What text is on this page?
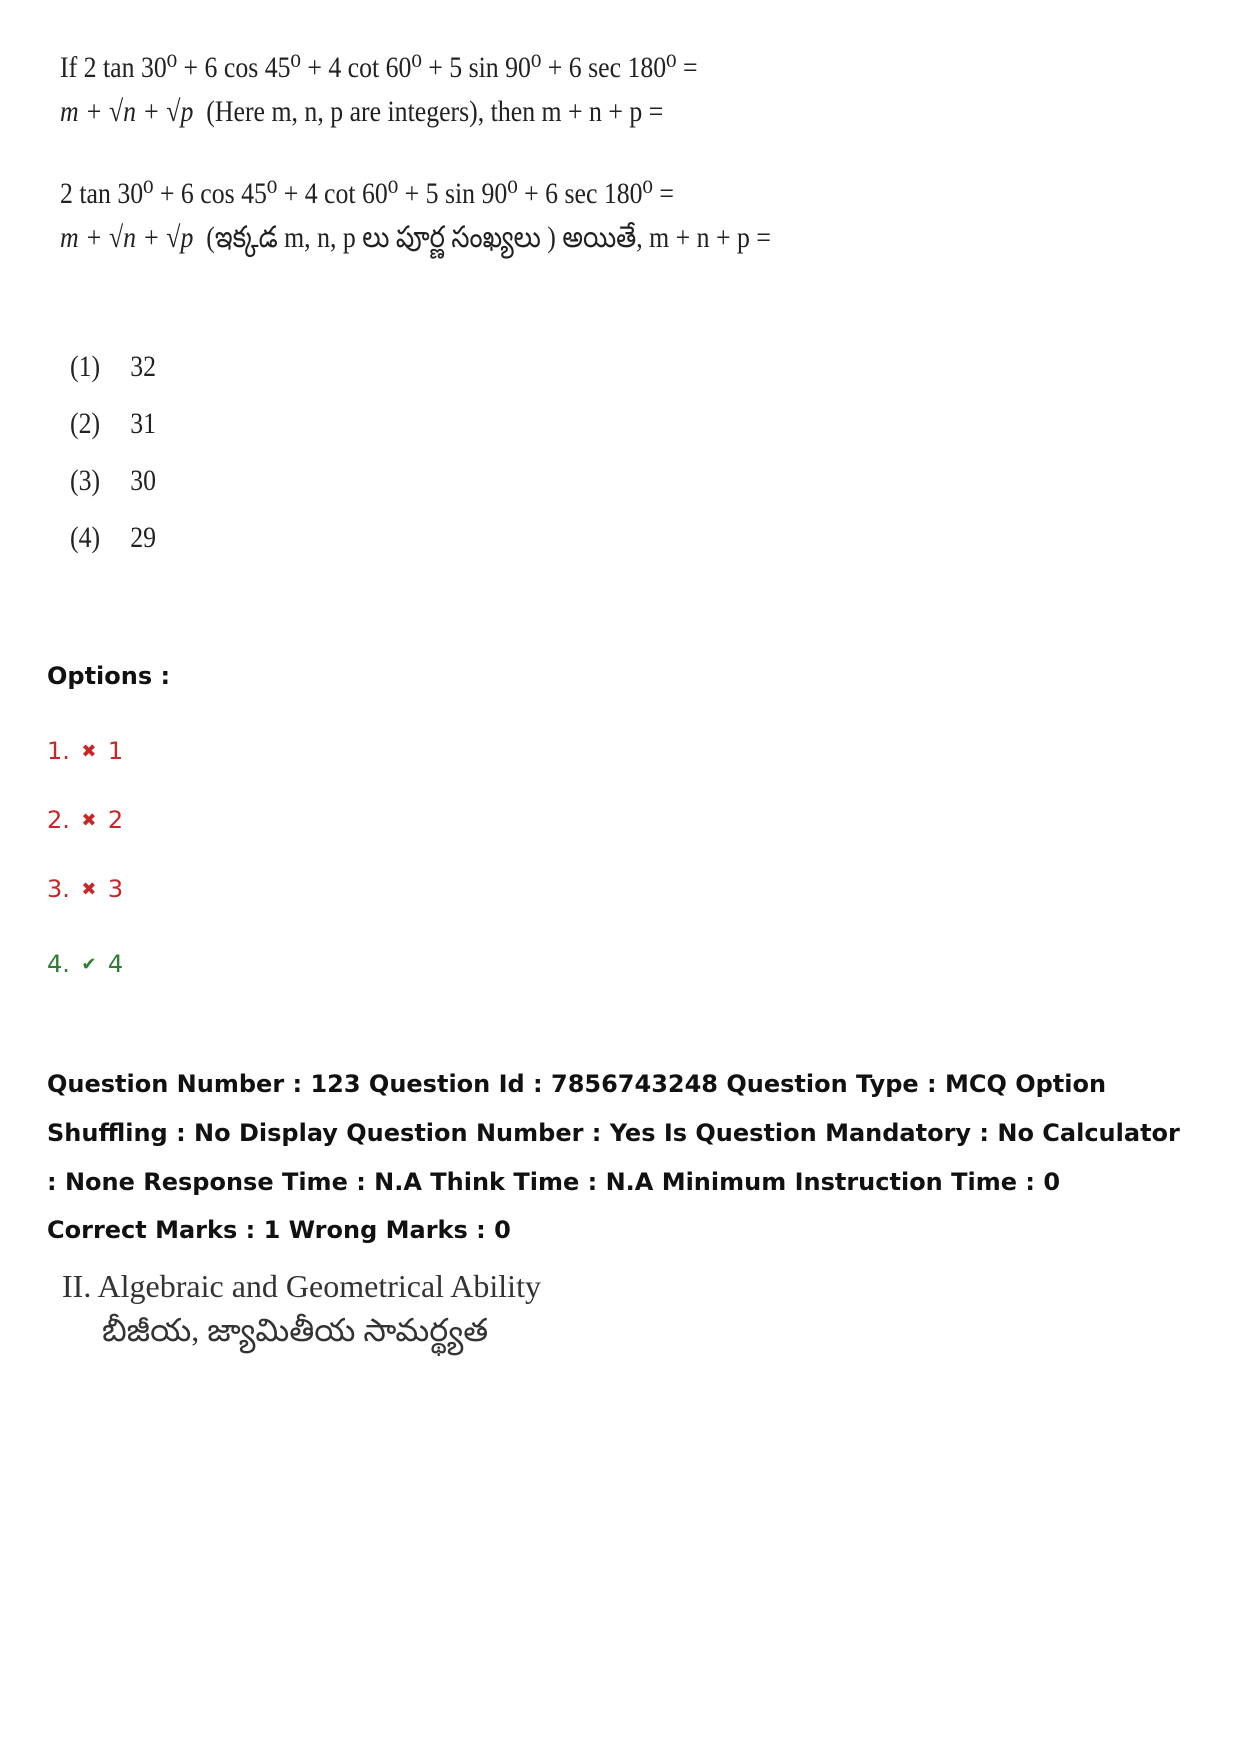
If 2 tan 30⁰ + 6 cos 45⁰ + 4 cot 60⁰ + 5 sin 90⁰ + 6 sec 180⁰ =
m + √n + √p (Here m, n, p are integers), then m + n + p =
2 tan 30⁰ + 6 cos 45⁰ + 4 cot 60⁰ + 5 sin 90⁰ + 6 sec 180⁰ =
m + √n + √p (ఇక్కడ m, n, p లు పూర్ణ సంఖ్యలు ) అయితే, m + n + p =
(1)	32
(2)	31
(3)	30
(4)	29
Options :
1. ✖ 1
2. ✖ 2
3. ✖ 3
4. ✔ 4
Question Number : 123 Question Id : 7856743248 Question Type : MCQ Option Shuffling : No Display Question Number : Yes Is Question Mandatory : No Calculator : None Response Time : N.A Think Time : N.A Minimum Instruction Time : 0
Correct Marks : 1 Wrong Marks : 0
II. Algebraic and Geometrical Ability
బీజీయ, జ్యామితీయ సామర్థ్యత
